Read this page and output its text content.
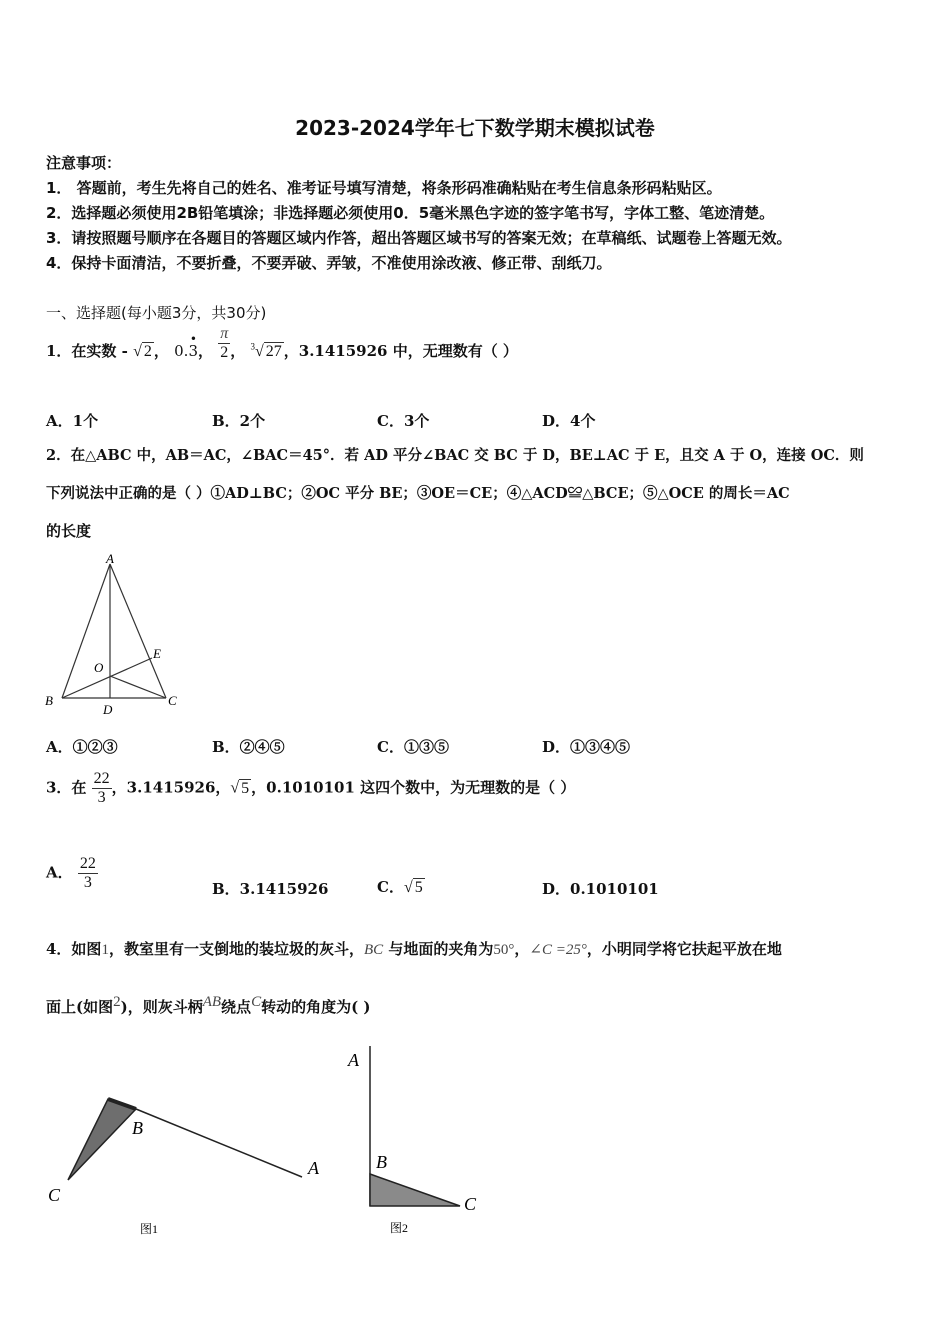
2023-2024学年七下数学期末模拟试卷
注意事项：
1． 答题前，考生先将自己的姓名、准考证号填写清楚，将条形码准确粘贴在考生信息条形码粘贴区。
2．选择题必须使用2B铅笔填涂；非选择题必须使用0．5毫米黑色字迹的签字笔书写，字体工整、笔迹清楚。
3．请按照题号顺序在各题目的答题区域内作答，超出答题区域书写的答案无效；在草稿纸、试题卷上答题无效。
4．保持卡面清洁，不要折叠，不要弄破、弄皱，不准使用涂改液、修正带、刮纸刀。
一、选择题(每小题3分，共30分)
1．在实数 - √ 2 ， 0.3
•
， $\frac{\pi}{2}$ ， $^3$√ 27 ，3.1415926 中，无理数有（ ）
A．1个	B．2个	C．3个	D．4个
2．在△ABC 中，AB＝AC，∠BAC＝45°．若 AD 平分∠BAC 交 BC 于 D，BE⊥AC 于 E，且交 A 于 O，连接 OC．则
下列说法中正确的是（ ）①AD⊥BC；②OC 平分 BE；③OE＝CE；④△ACD≌△BCE；⑤△OCE 的周长＝AC
的长度
A
B	C
D
E
O
A．①②③	B．②④⑤	C．①③⑤	D．①③④⑤
3．在 $\frac{22}{3}$ ，3.1415926，√ 5 ，0.1010101 这四个数中，为无理数的是（ ）
A． $\frac{22}{3}$	B．3.1415926	C．√ 5	D．0.1010101
4．如图1，教室里有一支倒地的装垃圾的灰斗，BC 与地面的夹角为50°，∠C =25°，小明同学将它扶起平放在地
面上(如图$^2$)，则灰斗柄$^{AB}$绕点$^C$转动的角度为( )
C
B
A
图1
A
B
C
图2
